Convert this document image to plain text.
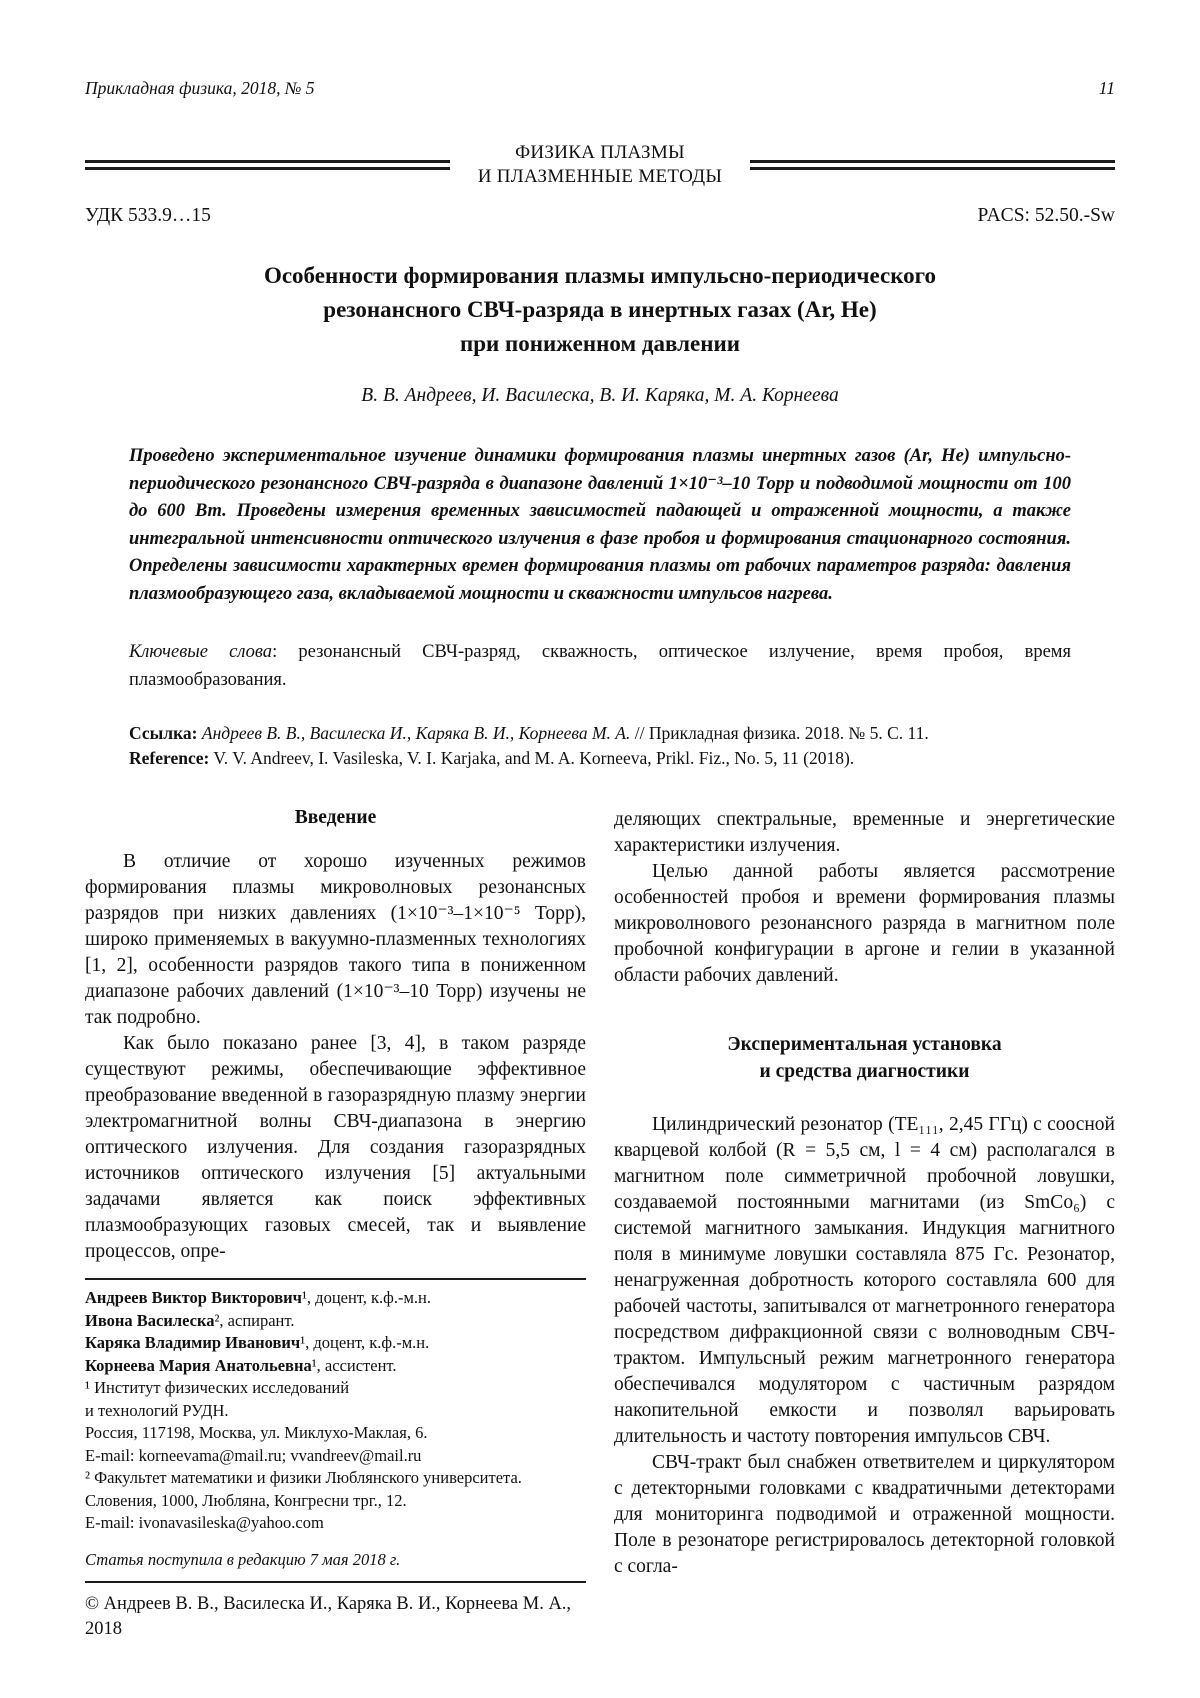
Прикладная физика, 2018, № 5	11
ФИЗИКА ПЛАЗМЫ
И ПЛАЗМЕННЫЕ МЕТОДЫ
УДК 533.9…15	PACS: 52.50.-Sw
Особенности формирования плазмы импульсно-периодического
резонансного СВЧ-разряда в инертных газах (Ar, He)
при пониженном давлении
В. В. Андреев, И. Василеска, В. И. Каряка, М. А. Корнеева
Проведено экспериментальное изучение динамики формирования плазмы инертных газов (Ar, He) импульсно-периодического резонансного СВЧ-разряда в диапазоне давлений 1×10⁻³–10 Торр и подводимой мощности от 100 до 600 Вт. Проведены измерения временных зависимостей падающей и отраженной мощности, а также интегральной интенсивности оптического излучения в фазе пробоя и формирования стационарного состояния. Определены зависимости характерных времен формирования плазмы от рабочих параметров разряда: давления плазмообразующего газа, вкладываемой мощности и скважности импульсов нагрева.
Ключевые слова: резонансный СВЧ-разряд, скважность, оптическое излучение, время пробоя, время плазмообразования.
Ссылка: Андреев В. В., Василеска И., Каряка В. И., Корнеева М. А. // Прикладная физика. 2018. № 5. С. 11.
Reference: V. V. Andreev, I. Vasileska, V. I. Karjaka, and M. A. Korneeva, Prikl. Fiz., No. 5, 11 (2018).
Введение

В отличие от хорошо изученных режимов формирования плазмы микроволновых резонансных разрядов при низких давлениях (1×10⁻³–1×10⁻⁵ Торр), широко применяемых в вакуумно-плазменных технологиях [1, 2], особенности разрядов такого типа в пониженном диапазоне рабочих давлений (1×10⁻³–10 Торр) изучены не так подробно.

Как было показано ранее [3, 4], в таком разряде существуют режимы, обеспечивающие эффективное преобразование введенной в газоразрядную плазму энергии электромагнитной волны СВЧ-диапазона в энергию оптического излучения. Для создания газоразрядных источников оптического излучения [5] актуальными задачами является как поиск эффективных плазмообразующих газовых смесей, так и выявление процессов, опре-

Андреев Виктор Викторович¹, доцент, к.ф.-м.н.
Ивона Василеска², аспирант.
Каряка Владимир Иванович¹, доцент, к.ф.-м.н.
Корнеева Мария Анатольевна¹, ассистент.
¹ Институт физических исследований
и технологий РУДН.
Россия, 117198, Москва, ул. Миклухо-Маклая, 6.
E-mail: korneevama@mail.ru; vvandreev@mail.ru
² Факультет математики и физики Люблянского университета.
Словения, 1000, Любляна, Конгресни трг., 12.
E-mail: ivonavasileska@yahoo.com
Статья поступила в редакцию 7 мая 2018 г.
© Андреев В. В., Василеска И., Каряка В. И., Корнеева М. А., 2018

деляющих спектральные, временные и энергетические характеристики излучения.

Целью данной работы является рассмотрение особенностей пробоя и времени формирования плазмы микроволнового резонансного разряда в магнитном поле пробочной конфигурации в аргоне и гелии в указанной области рабочих давлений.

Экспериментальная установка
и средства диагностики

Цилиндрический резонатор (TE₁₁₁, 2,45 ГГц) с соосной кварцевой колбой (R = 5,5 см, l = 4 см) располагался в магнитном поле симметричной пробочной ловушки, создаваемой постоянными магнитами (из SmCo₆) с системой магнитного замыкания. Индукция магнитного поля в минимуме ловушки составляла 875 Гс. Резонатор, ненагруженная добротность которого составляла 600 для рабочей частоты, запитывался от магнетронного генератора посредством дифракционной связи с волноводным СВЧ-трактом. Импульсный режим магнетронного генератора обеспечивался модулятором с частичным разрядом накопительной емкости и позволял варьировать длительность и частоту повторения импульсов СВЧ.

СВЧ-тракт был снабжен ответвителем и циркулятором с детекторными головками с квадратичными детекторами для мониторинга подводимой и отраженной мощности. Поле в резонаторе регистрировалось детекторной головкой с согла-
